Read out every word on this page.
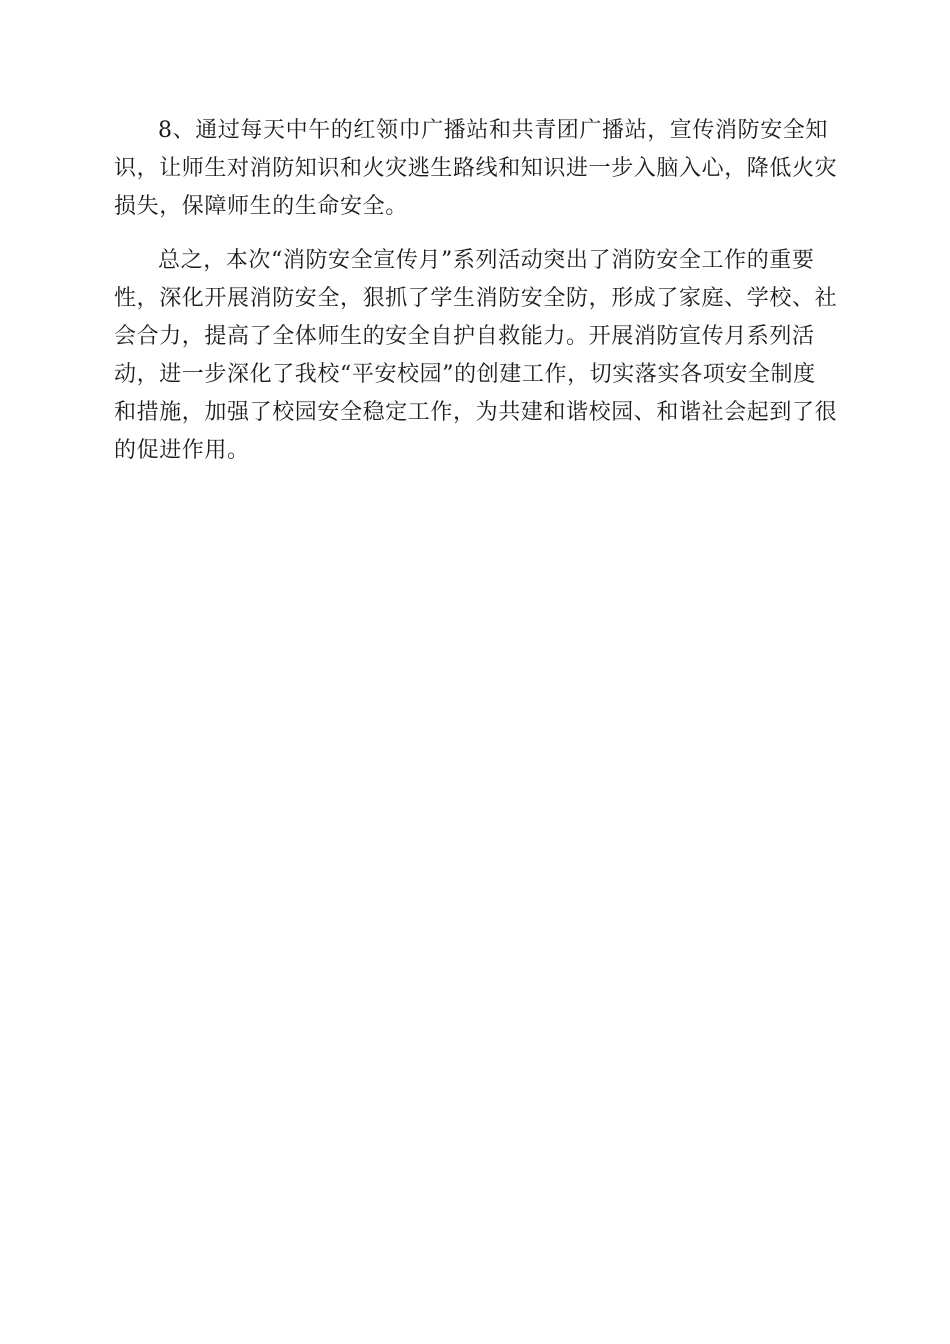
8、通过每天中午的红领巾广播站和共青团广播站，宣传消防安全知
识，让师生对消防知识和火灾逃生路线和知识进一步入脑入心，降低火灾
损失，保障师生的生命安全。

总之，本次“消防安全宣传月”系列活动突出了消防安全工作的重要
性，深化开展消防安全，狠抓了学生消防安全防，形成了家庭、学校、社
会合力，提高了全体师生的安全自护自救能力。开展消防宣传月系列活
动，进一步深化了我校“平安校园”的创建工作，切实落实各项安全制度
和措施，加强了校园安全稳定工作，为共建和谐校园、和谐社会起到了很
的促进作用。
